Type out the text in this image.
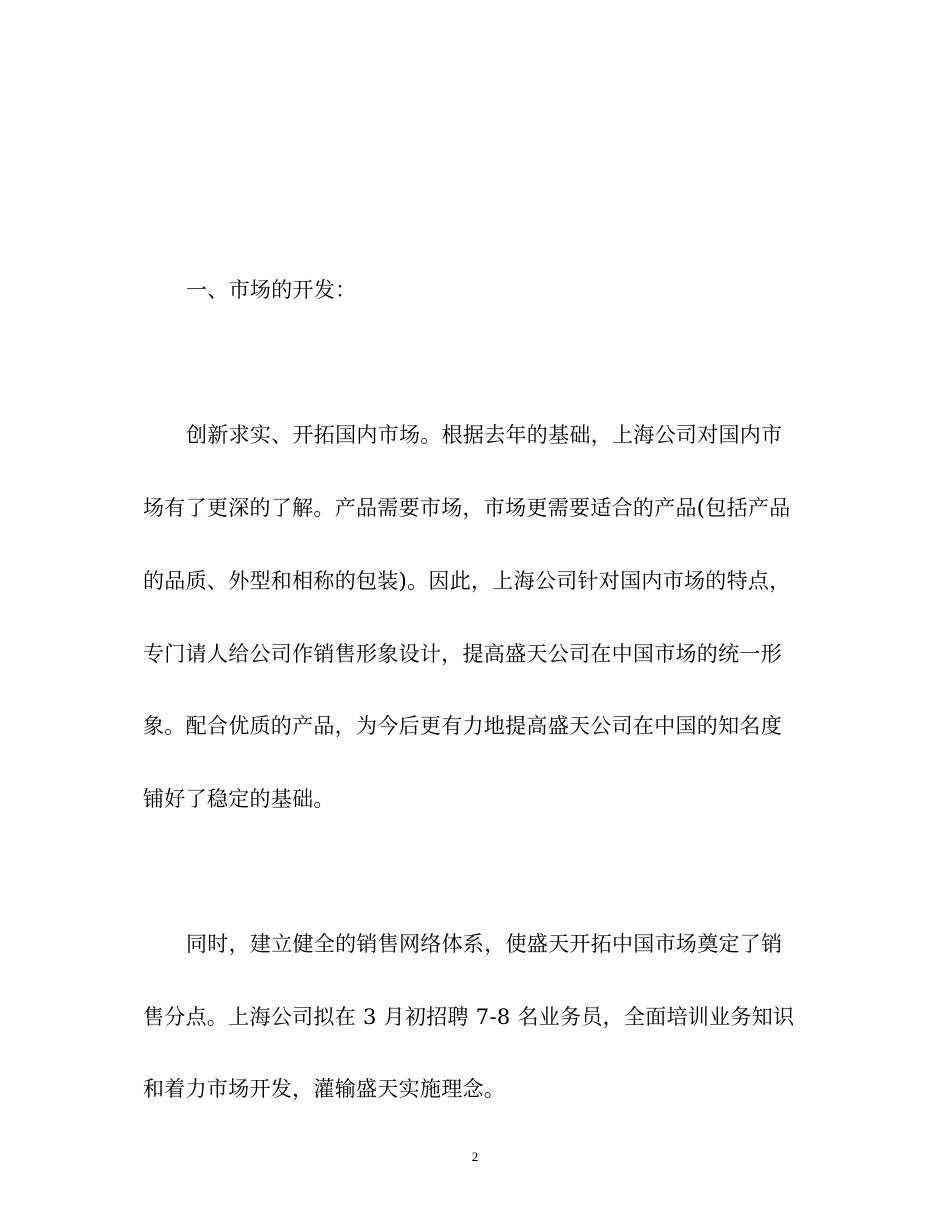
一、市场的开发：
创新求实、开拓国内市场。根据去年的基础，上海公司对国内市
场有了更深的了解。产品需要市场，市场更需要适合的产品(包括产品
的品质、外型和相称的包装)。因此，上海公司针对国内市场的特点，
专门请人给公司作销售形象设计，提高盛天公司在中国市场的统一形
象。配合优质的产品，为今后更有力地提高盛天公司在中国的知名度
铺好了稳定的基础。
同时，建立健全的销售网络体系，使盛天开拓中国市场奠定了销
售分点。上海公司拟在 3 月初招聘 7-8 名业务员，全面培训业务知识
和着力市场开发，灌输盛天实施理念。
2
